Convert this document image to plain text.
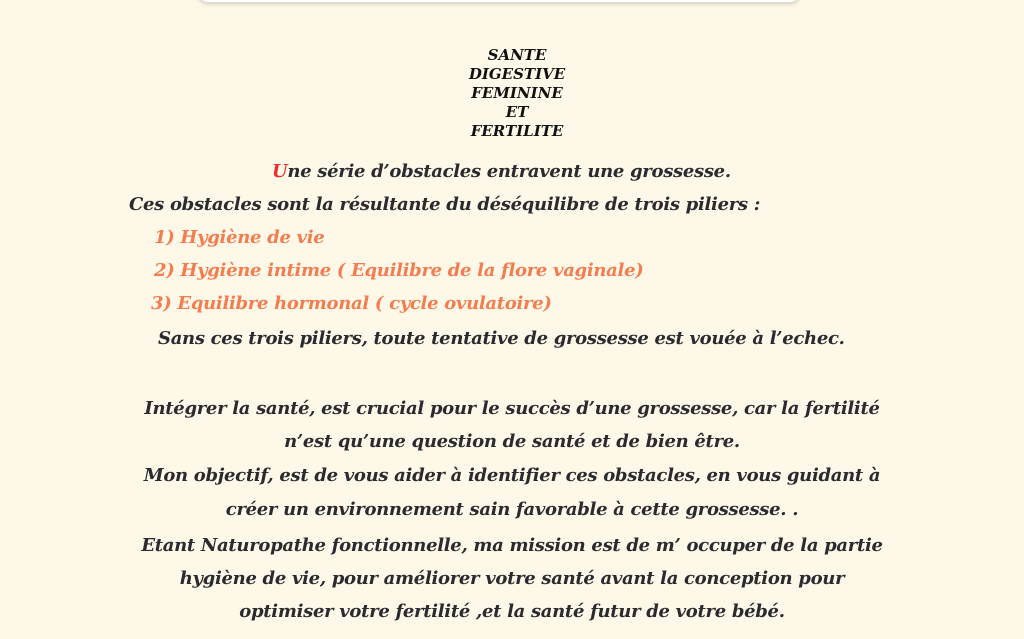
SANTE
DIGESTIVE
FEMININE
ET
FERTILITE
Une série d’obstacles entravent une grossesse.
Ces obstacles sont la résultante du déséquilibre de trois piliers :
1) Hygiène de vie
2) Hygiène intime ( Equilibre de la flore vaginale)
3) Equilibre hormonal ( cycle ovulatoire)
Sans ces trois piliers, toute tentative de grossesse est vouée à l’echec.
Intégrer la santé, est crucial pour le succès d’une grossesse, car la fertilité
n’est qu’une question de santé et de bien être.
Mon objectif, est de vous aider à identifier ces obstacles, en vous guidant à
créer un environnement sain favorable à cette grossesse. .
Etant Naturopathe fonctionnelle, ma mission est de m’ occuper de la partie
hygiène de vie, pour améliorer votre santé avant la conception pour
optimiser votre fertilité ,et la santé futur de votre bébé.
